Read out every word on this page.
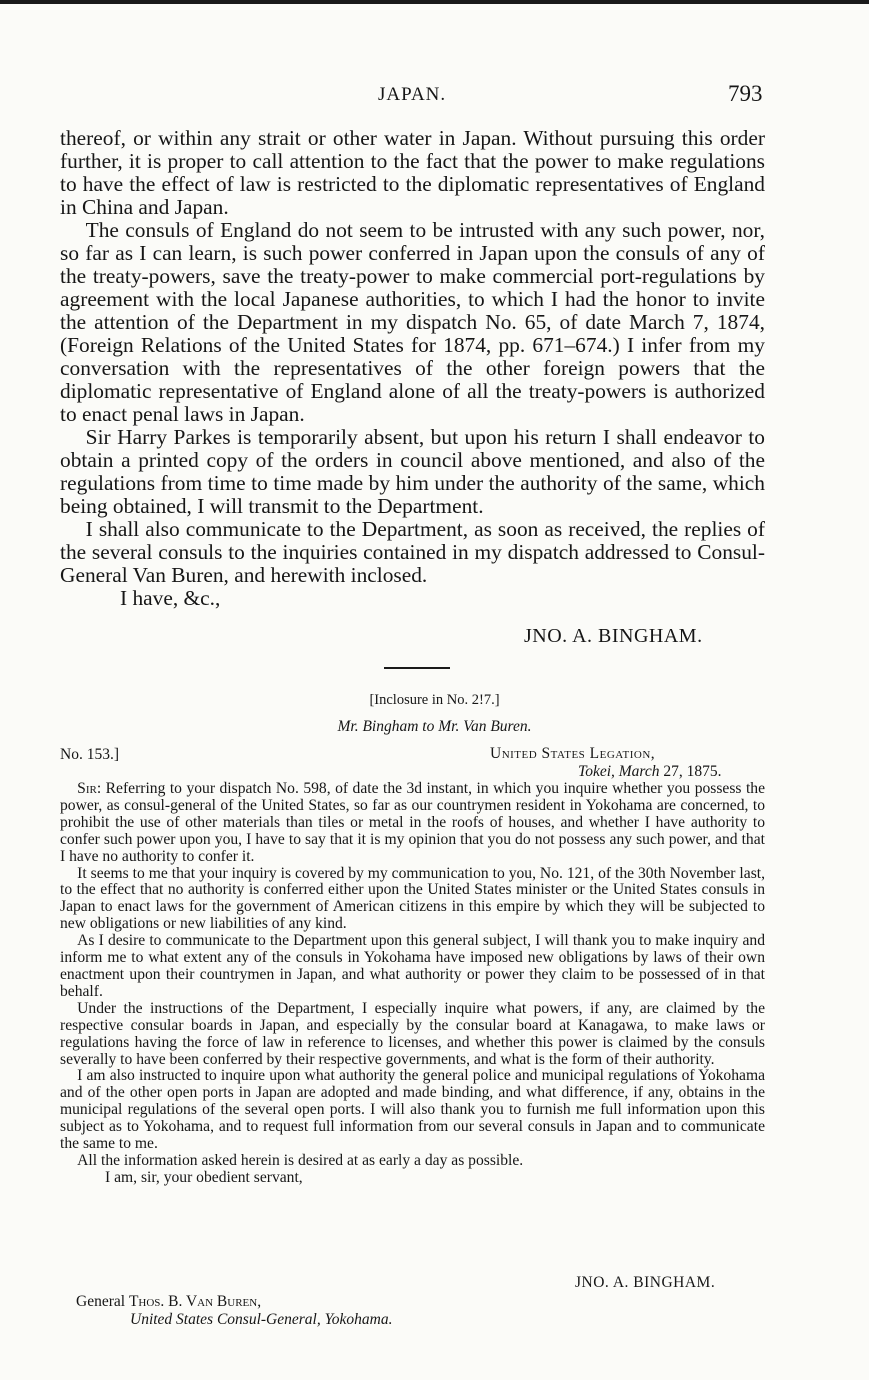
JAPAN.	793

thereof, or within any strait or other water in Japan. Without pursuing this order further, it is proper to call attention to the fact that the power to make regulations to have the effect of law is restricted to the diplomatic representatives of England in China and Japan.

The consuls of England do not seem to be intrusted with any such power, nor, so far as I can learn, is such power conferred in Japan upon the consuls of any of the treaty-powers, save the treaty-power to make commercial port-regulations by agreement with the local Japanese authorities, to which I had the honor to invite the attention of the Department in my dispatch No. 65, of date March 7, 1874, (Foreign Relations of the United States for 1874, pp. 671–674.) I infer from my conversation with the representatives of the other foreign powers that the diplomatic representative of England alone of all the treaty-powers is authorized to enact penal laws in Japan.

Sir Harry Parkes is temporarily absent, but upon his return I shall endeavor to obtain a printed copy of the orders in council above mentioned, and also of the regulations from time to time made by him under the authority of the same, which being obtained, I will transmit to the Department.

I shall also communicate to the Department, as soon as received, the replies of the several consuls to the inquiries contained in my dispatch addressed to Consul-General Van Buren, and herewith inclosed.

I have, &c.,

JNO. A. BINGHAM.
[Inclosure in No. 2!7.]
Mr. Bingham to Mr. Van Buren.
No. 153.]	United States Legation,
Tokei, March 27, 1875.

Sir: Referring to your dispatch No. 598, of date the 3d instant, in which you inquire whether you possess the power, as consul-general of the United States, so far as our countrymen resident in Yokohama are concerned, to prohibit the use of other materials than tiles or metal in the roofs of houses, and whether I have authority to confer such power upon you, I have to say that it is my opinion that you do not possess any such power, and that I have no authority to confer it.

It seems to me that your inquiry is covered by my communication to you, No. 121, of the 30th November last, to the effect that no authority is conferred either upon the United States minister or the United States consuls in Japan to enact laws for the government of American citizens in this empire by which they will be subjected to new obligations or new liabilities of any kind.

As I desire to communicate to the Department upon this general subject, I will thank you to make inquiry and inform me to what extent any of the consuls in Yokohama have imposed new obligations by laws of their own enactment upon their countrymen in Japan, and what authority or power they claim to be possessed of in that behalf.

Under the instructions of the Department, I especially inquire what powers, if any, are claimed by the respective consular boards in Japan, and especially by the consular board at Kanagawa, to make laws or regulations having the force of law in reference to licenses, and whether this power is claimed by the consuls severally to have been conferred by their respective governments, and what is the form of their authority.

I am also instructed to inquire upon what authority the general police and municipal regulations of Yokohama and of the other open ports in Japan are adopted and made binding, and what difference, if any, obtains in the municipal regulations of the several open ports. I will also thank you to furnish me full information upon this subject as to Yokohama, and to request full information from our several consuls in Japan and to communicate the same to me.

All the information asked herein is desired at as early a day as possible.

I am, sir, your obedient servant,

JNO. A. BINGHAM.
General Thos. B. Van Buren,
United States Consul-General, Yokohama.
